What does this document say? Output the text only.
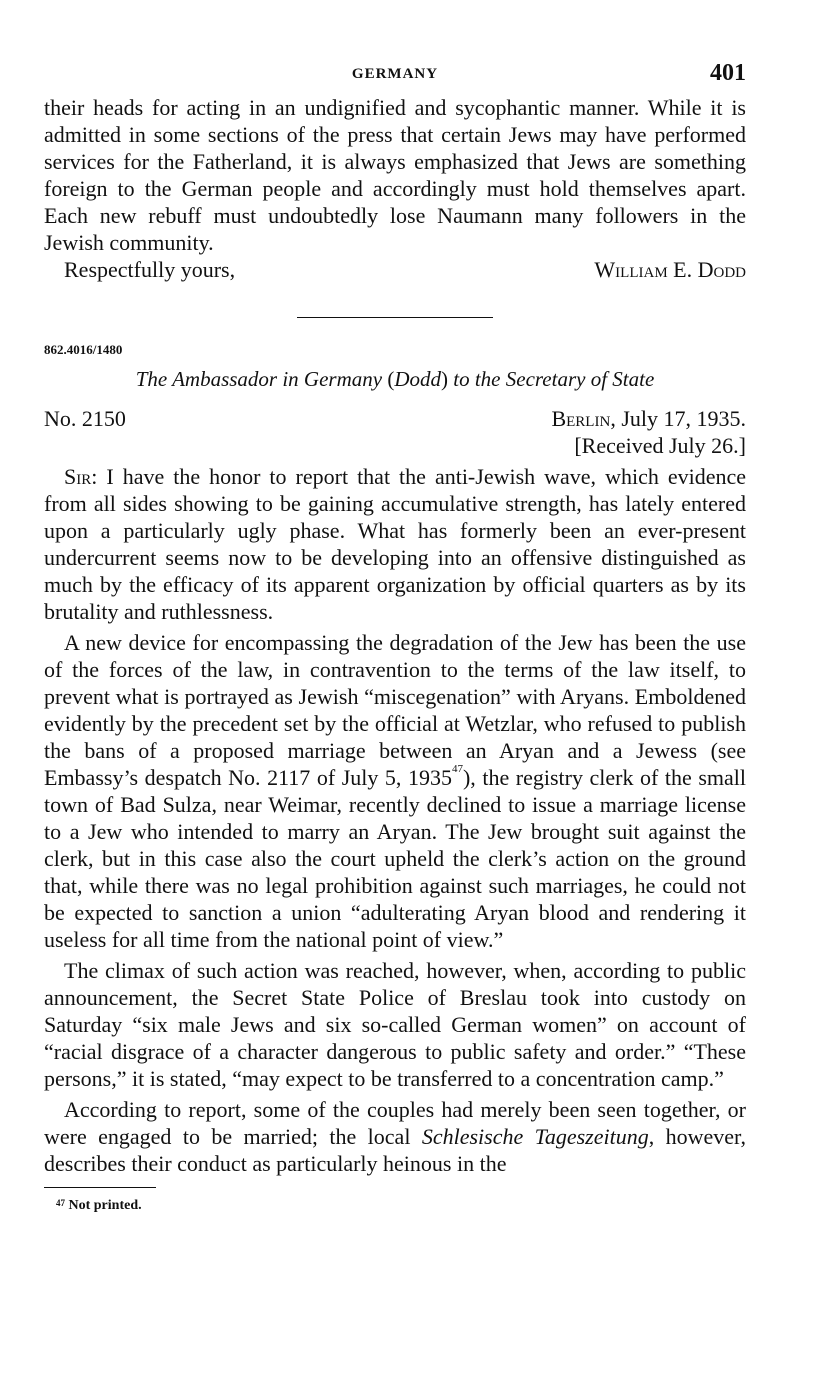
GERMANY	401

their heads for acting in an undignified and sycophantic manner. While it is admitted in some sections of the press that certain Jews may have performed services for the Fatherland, it is always emphasized that Jews are something foreign to the German people and accordingly must hold themselves apart. Each new rebuff must undoubtedly lose Naumann many followers in the Jewish community.

Respectfully yours,	William E. Dodd
862.4016/1480
The Ambassador in Germany (Dodd) to the Secretary of State
No. 2150	Berlin, July 17, 1935.
[Received July 26.]

Sir: I have the honor to report that the anti-Jewish wave, which evidence from all sides showing to be gaining accumulative strength, has lately entered upon a particularly ugly phase. What has formerly been an ever-present undercurrent seems now to be developing into an offensive distinguished as much by the efficacy of its apparent organization by official quarters as by its brutality and ruthlessness.

A new device for encompassing the degradation of the Jew has been the use of the forces of the law, in contravention to the terms of the law itself, to prevent what is portrayed as Jewish “miscegenation” with Aryans. Emboldened evidently by the precedent set by the official at Wetzlar, who refused to publish the bans of a proposed marriage between an Aryan and a Jewess (see Embassy’s despatch No. 2117 of July 5, 1935$^{47}$), the registry clerk of the small town of Bad Sulza, near Weimar, recently declined to issue a marriage license to a Jew who intended to marry an Aryan. The Jew brought suit against the clerk, but in this case also the court upheld the clerk’s action on the ground that, while there was no legal prohibition against such marriages, he could not be expected to sanction a union “adulterating Aryan blood and rendering it useless for all time from the national point of view.”

The climax of such action was reached, however, when, according to public announcement, the Secret State Police of Breslau took into custody on Saturday “six male Jews and six so-called German women” on account of “racial disgrace of a character dangerous to public safety and order.” “These persons,” it is stated, “may expect to be transferred to a concentration camp.”

According to report, some of the couples had merely been seen together, or were engaged to be married; the local Schlesische Tageszeitung, however, describes their conduct as particularly heinous in the

$^{47}$ Not printed.
